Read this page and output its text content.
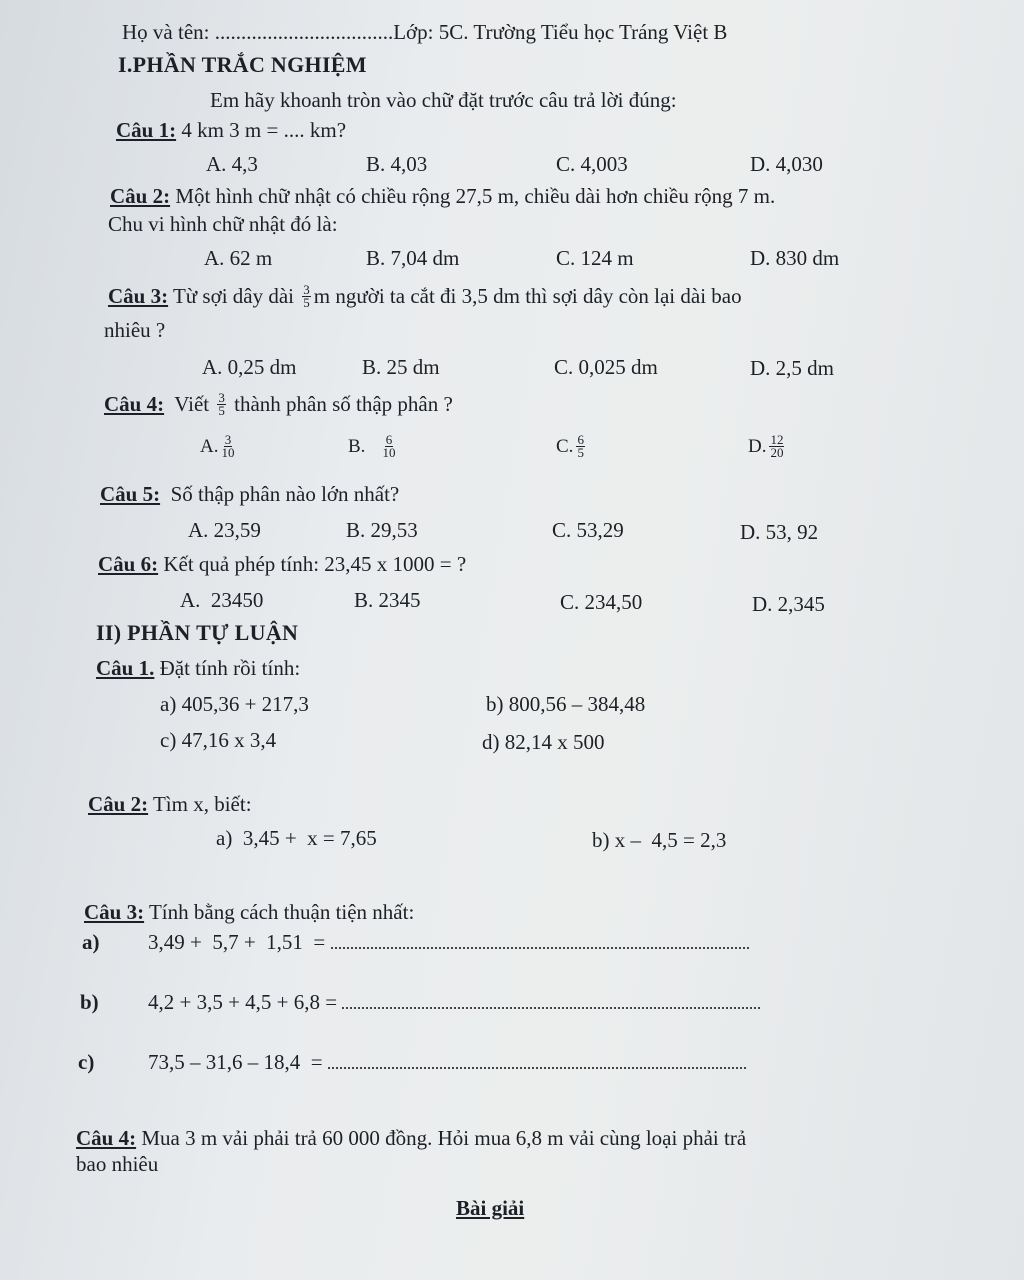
Họ và tên: ..................................Lớp: 5C. Trường Tiểu học Tráng Việt B
I.PHẦN TRẮC NGHIỆM
Em hãy khoanh tròn vào chữ đặt trước câu trả lời đúng:
Câu 1: 4 km 3 m = .... km?
A. 4,3	B. 4,03	C. 4,003	D. 4,030
Câu 2: Một hình chữ nhật có chiều rộng 27,5 m, chiều dài hơn chiều rộng 7 m.
Chu vi hình chữ nhật đó là:
A. 62 m	B. 7,04 dm	C. 124 m	D. 830 dm
Câu 3: Từ sợi dây dài $\frac{3}{5}$ m người ta cắt đi 3,5 dm thì sợi dây còn lại dài bao
nhiêu ?
A. 0,25 dm	B. 25 dm	C. 0,025 dm	D. 2,5 dm
Câu 4: Viết $\frac{3}{5}$ thành phân số thập phân ?
A. $\frac{3}{10}$	B. $\frac{6}{10}$	C. $\frac{6}{5}$	D. $\frac{12}{20}$
Câu 5:  Số thập phân nào lớn nhất?
A. 23,59	B. 29,53	C. 53,29	D. 53, 92
Câu 6: Kết quả phép tính: 23,45 x 1000 = ?
A.  23450	B. 2345	C. 234,50	D. 2,345
II) PHẦN TỰ LUẬN
Câu 1. Đặt tính rồi tính:
a) 405,36 + 217,3	b) 800,56 – 384,48
c) 47,16 x 3,4	d) 82,14 x 500
Câu 2: Tìm x, biết:
a)  3,45 +  x = 7,65	b) x –  4,5 = 2,3
Câu 3: Tính bằng cách thuận tiện nhất:
a) 3,49 +  5,7 +  1,51  =
b) 4,2 + 3,5 + 4,5 + 6,8 =
c)	73,5 – 31,6 – 18,4  =
Câu 4: Mua 3 m vải phải trả 60 000 đồng. Hỏi mua 6,8 m vải cùng loại phải trả
bao nhiêu
Bài giải
